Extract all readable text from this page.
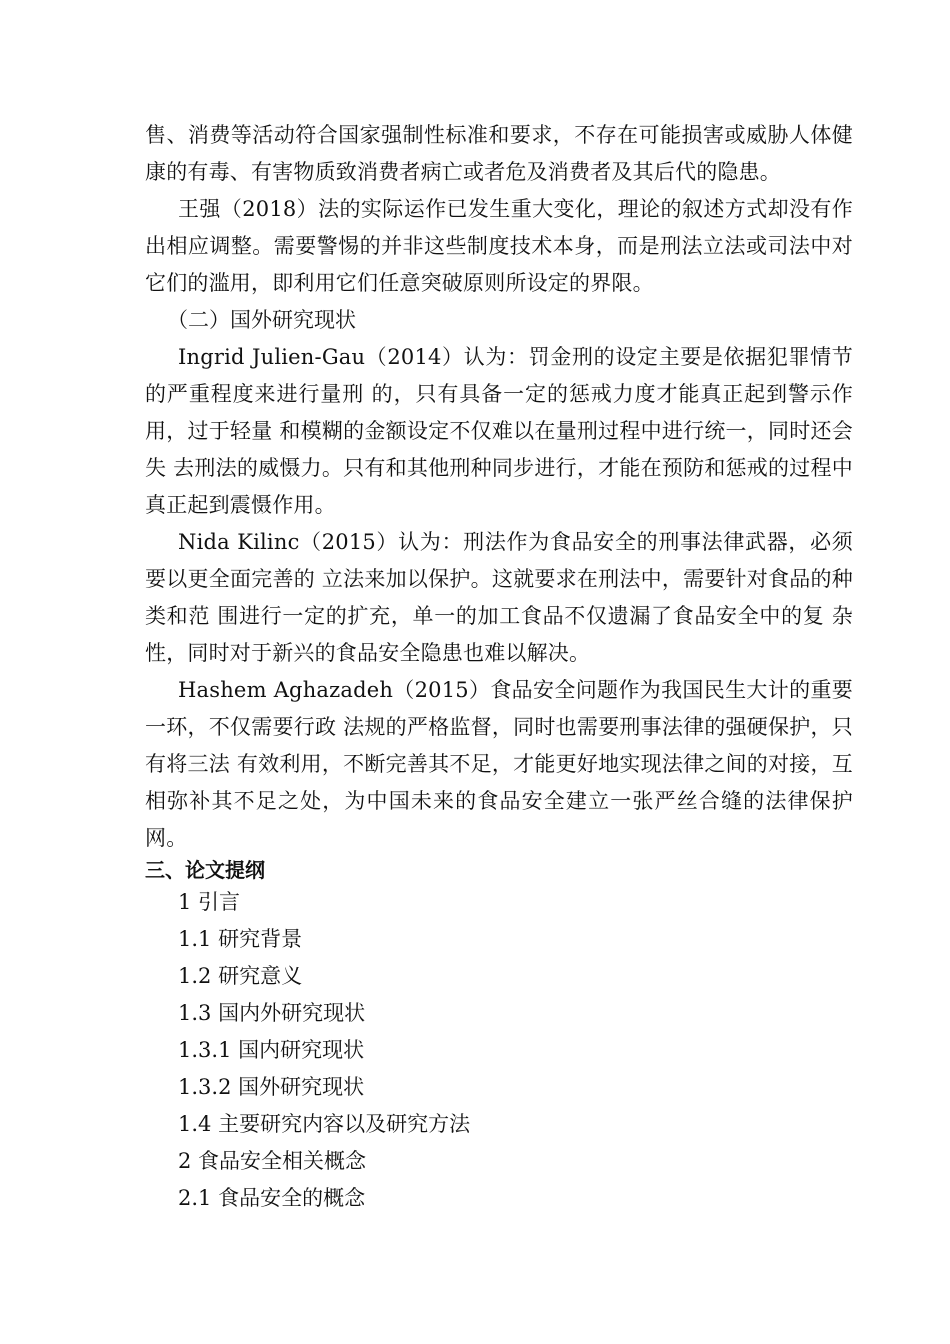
售、消费等活动符合国家强制性标准和要求，不存在可能损害或威胁人体健康的有毒、有害物质致消费者病亡或者危及消费者及其后代的隐患。

王强（2018）法的实际运作已发生重大变化，理论的叙述方式却没有作出相应调整。需要警惕的并非这些制度技术本身，而是刑法立法或司法中对它们的滥用，即利用它们任意突破原则所设定的界限。

（二）国外研究现状

Ingrid Julien-Gau（2014）认为：罚金刑的设定主要是依据犯罪情节的严重程度来进行量刑 的，只有具备一定的惩戒力度才能真正起到警示作用，过于轻量 和模糊的金额设定不仅难以在量刑过程中进行统一，同时还会失 去刑法的威慑力。只有和其他刑种同步进行，才能在预防和惩戒的过程中真正起到震慑作用。

Nida Kilinc（2015）认为：刑法作为食品安全的刑事法律武器，必须要以更全面完善的 立法来加以保护。这就要求在刑法中，需要针对食品的种类和范 围进行一定的扩充，单一的加工食品不仅遗漏了食品安全中的复 杂性，同时对于新兴的食品安全隐患也难以解决。

Hashem Aghazadeh（2015）食品安全问题作为我国民生大计的重要一环，不仅需要行政 法规的严格监督，同时也需要刑事法律的强硬保护，只有将三法 有效利用，不断完善其不足，才能更好地实现法律之间的对接，互 相弥补其不足之处，为中国未来的食品安全建立一张严丝合缝的法律保护网。

三、论文提纲

1 引言
1.1 研究背景
1.2 研究意义
1.3 国内外研究现状
1.3.1 国内研究现状
1.3.2 国外研究现状
1.4 主要研究内容以及研究方法
2 食品安全相关概念
2.1 食品安全的概念
